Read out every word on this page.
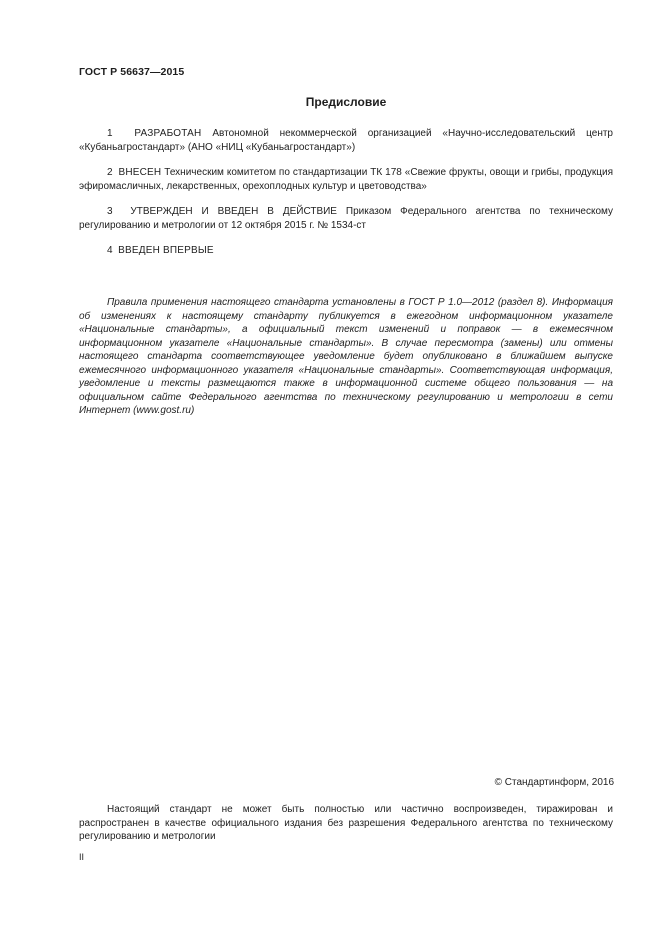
ГОСТ Р 56637—2015
Предисловие

1 РАЗРАБОТАН Автономной некоммерческой организацией «Научно-исследовательский центр «Кубаньагростандарт» (АНО «НИЦ «Кубаньагростандарт»)

2 ВНЕСЕН Техническим комитетом по стандартизации ТК 178 «Свежие фрукты, овощи и грибы, продукция эфиромасличных, лекарственных, орехоплодных культур и цветоводства»

3 УТВЕРЖДЕН И ВВЕДЕН В ДЕЙСТВИЕ Приказом Федерального агентства по техническому регулированию и метрологии от 12 октября 2015 г. № 1534-ст

4 ВВЕДЕН ВПЕРВЫЕ

Правила применения настоящего стандарта установлены в ГОСТ Р 1.0—2012 (раздел 8). Информация об изменениях к настоящему стандарту публикуется в ежегодном информационном указателе «Национальные стандарты», а официальный текст изменений и поправок — в ежемесячном информационном указателе «Национальные стандарты». В случае пересмотра (замены) или отмены настоящего стандарта соответствующее уведомление будет опубликовано в ближайшем выпуске ежемесячного информационного указателя «Национальные стандарты». Соответствующая информация, уведомление и тексты размещаются также в информационной системе общего пользования — на официальном сайте Федерального агентства по техническому регулированию и метрологии в сети Интернет (www.gost.ru)

© Стандартинформ, 2016

Настоящий стандарт не может быть полностью или частично воспроизведен, тиражирован и распространен в качестве официального издания без разрешения Федерального агентства по техническому регулированию и метрологии

II
